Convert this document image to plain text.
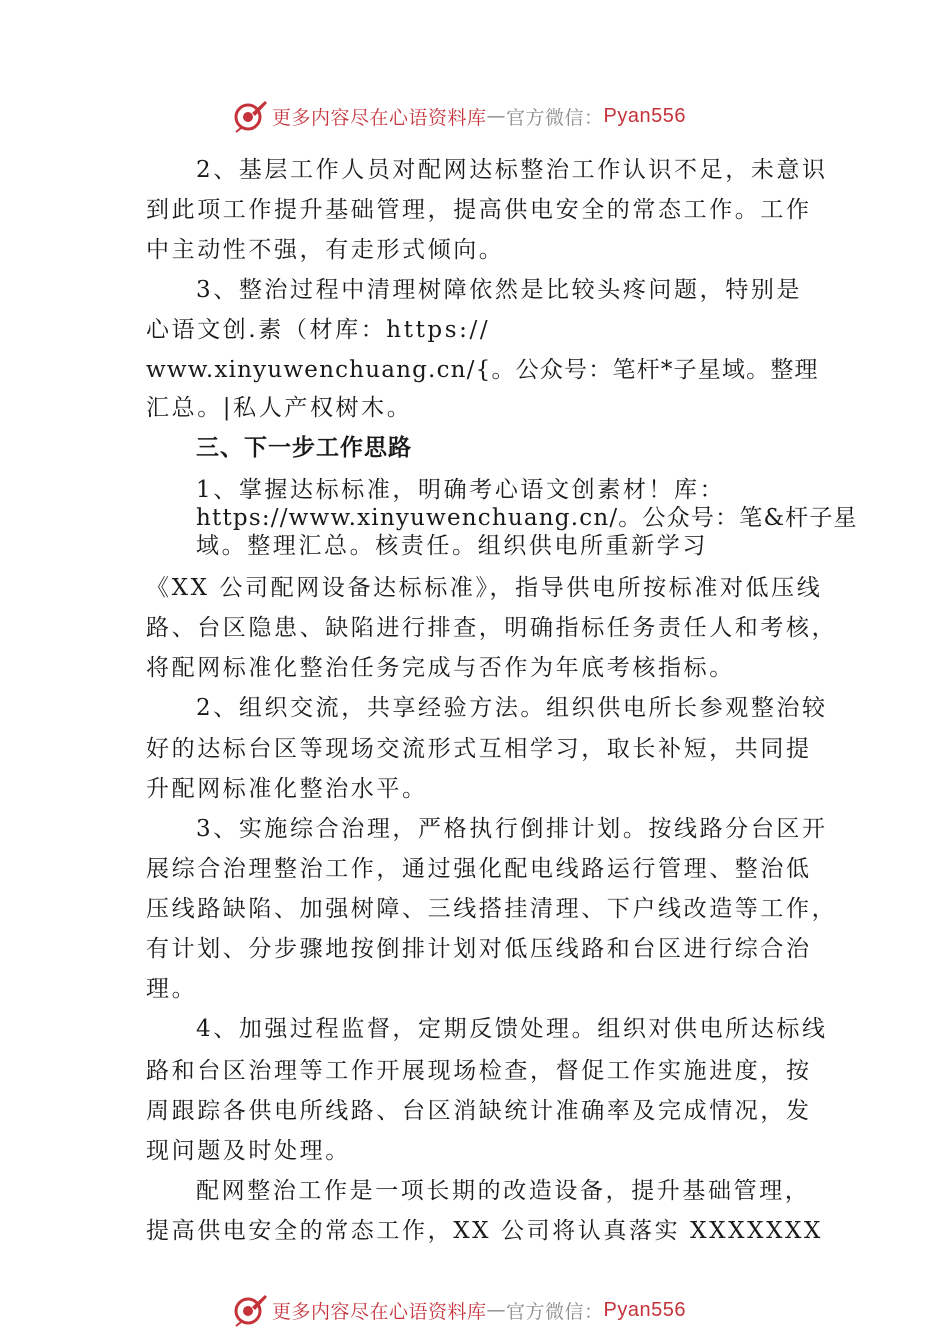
更多内容尽在心语资料库 — 官方微信： Pyan556
2、基层工作人员对配网达标整治工作认识不足，未意识
到此项工作提升基础管理，提高供电安全的常态工作。工作
中主动性不强，有走形式倾向。
3、整治过程中清理树障依然是比较头疼问题，特别是
心语文创.素（材库：https://
www.xinyuwenchuang.cn/{。公众号：笔杆*子星域。整理
汇总。|私人产权树木。
三、下一步工作思路
1、掌握达标标准，明确考心语文创素材！库：
https://www.xinyuwenchuang.cn/。公众号：笔&杆子星
域。整理汇总。核责任。组织供电所重新学习
《XX 公司配网设备达标标准》，指导供电所按标准对低压线
路、台区隐患、缺陷进行排查，明确指标任务责任人和考核，
将配网标准化整治任务完成与否作为年底考核指标。
2、组织交流，共享经验方法。组织供电所长参观整治较
好的达标台区等现场交流形式互相学习，取长补短，共同提
升配网标准化整治水平。
3、实施综合治理，严格执行倒排计划。按线路分台区开
展综合治理整治工作，通过强化配电线路运行管理、整治低
压线路缺陷、加强树障、三线搭挂清理、下户线改造等工作，
有计划、分步骤地按倒排计划对低压线路和台区进行综合治
理。
4、加强过程监督，定期反馈处理。组织对供电所达标线
路和台区治理等工作开展现场检查，督促工作实施进度，按
周跟踪各供电所线路、台区消缺统计准确率及完成情况，发
现问题及时处理。
配网整治工作是一项长期的改造设备，提升基础管理，
提高供电安全的常态工作，XX 公司将认真落实 XXXXXXX
更多内容尽在心语资料库 — 官方微信： Pyan556
